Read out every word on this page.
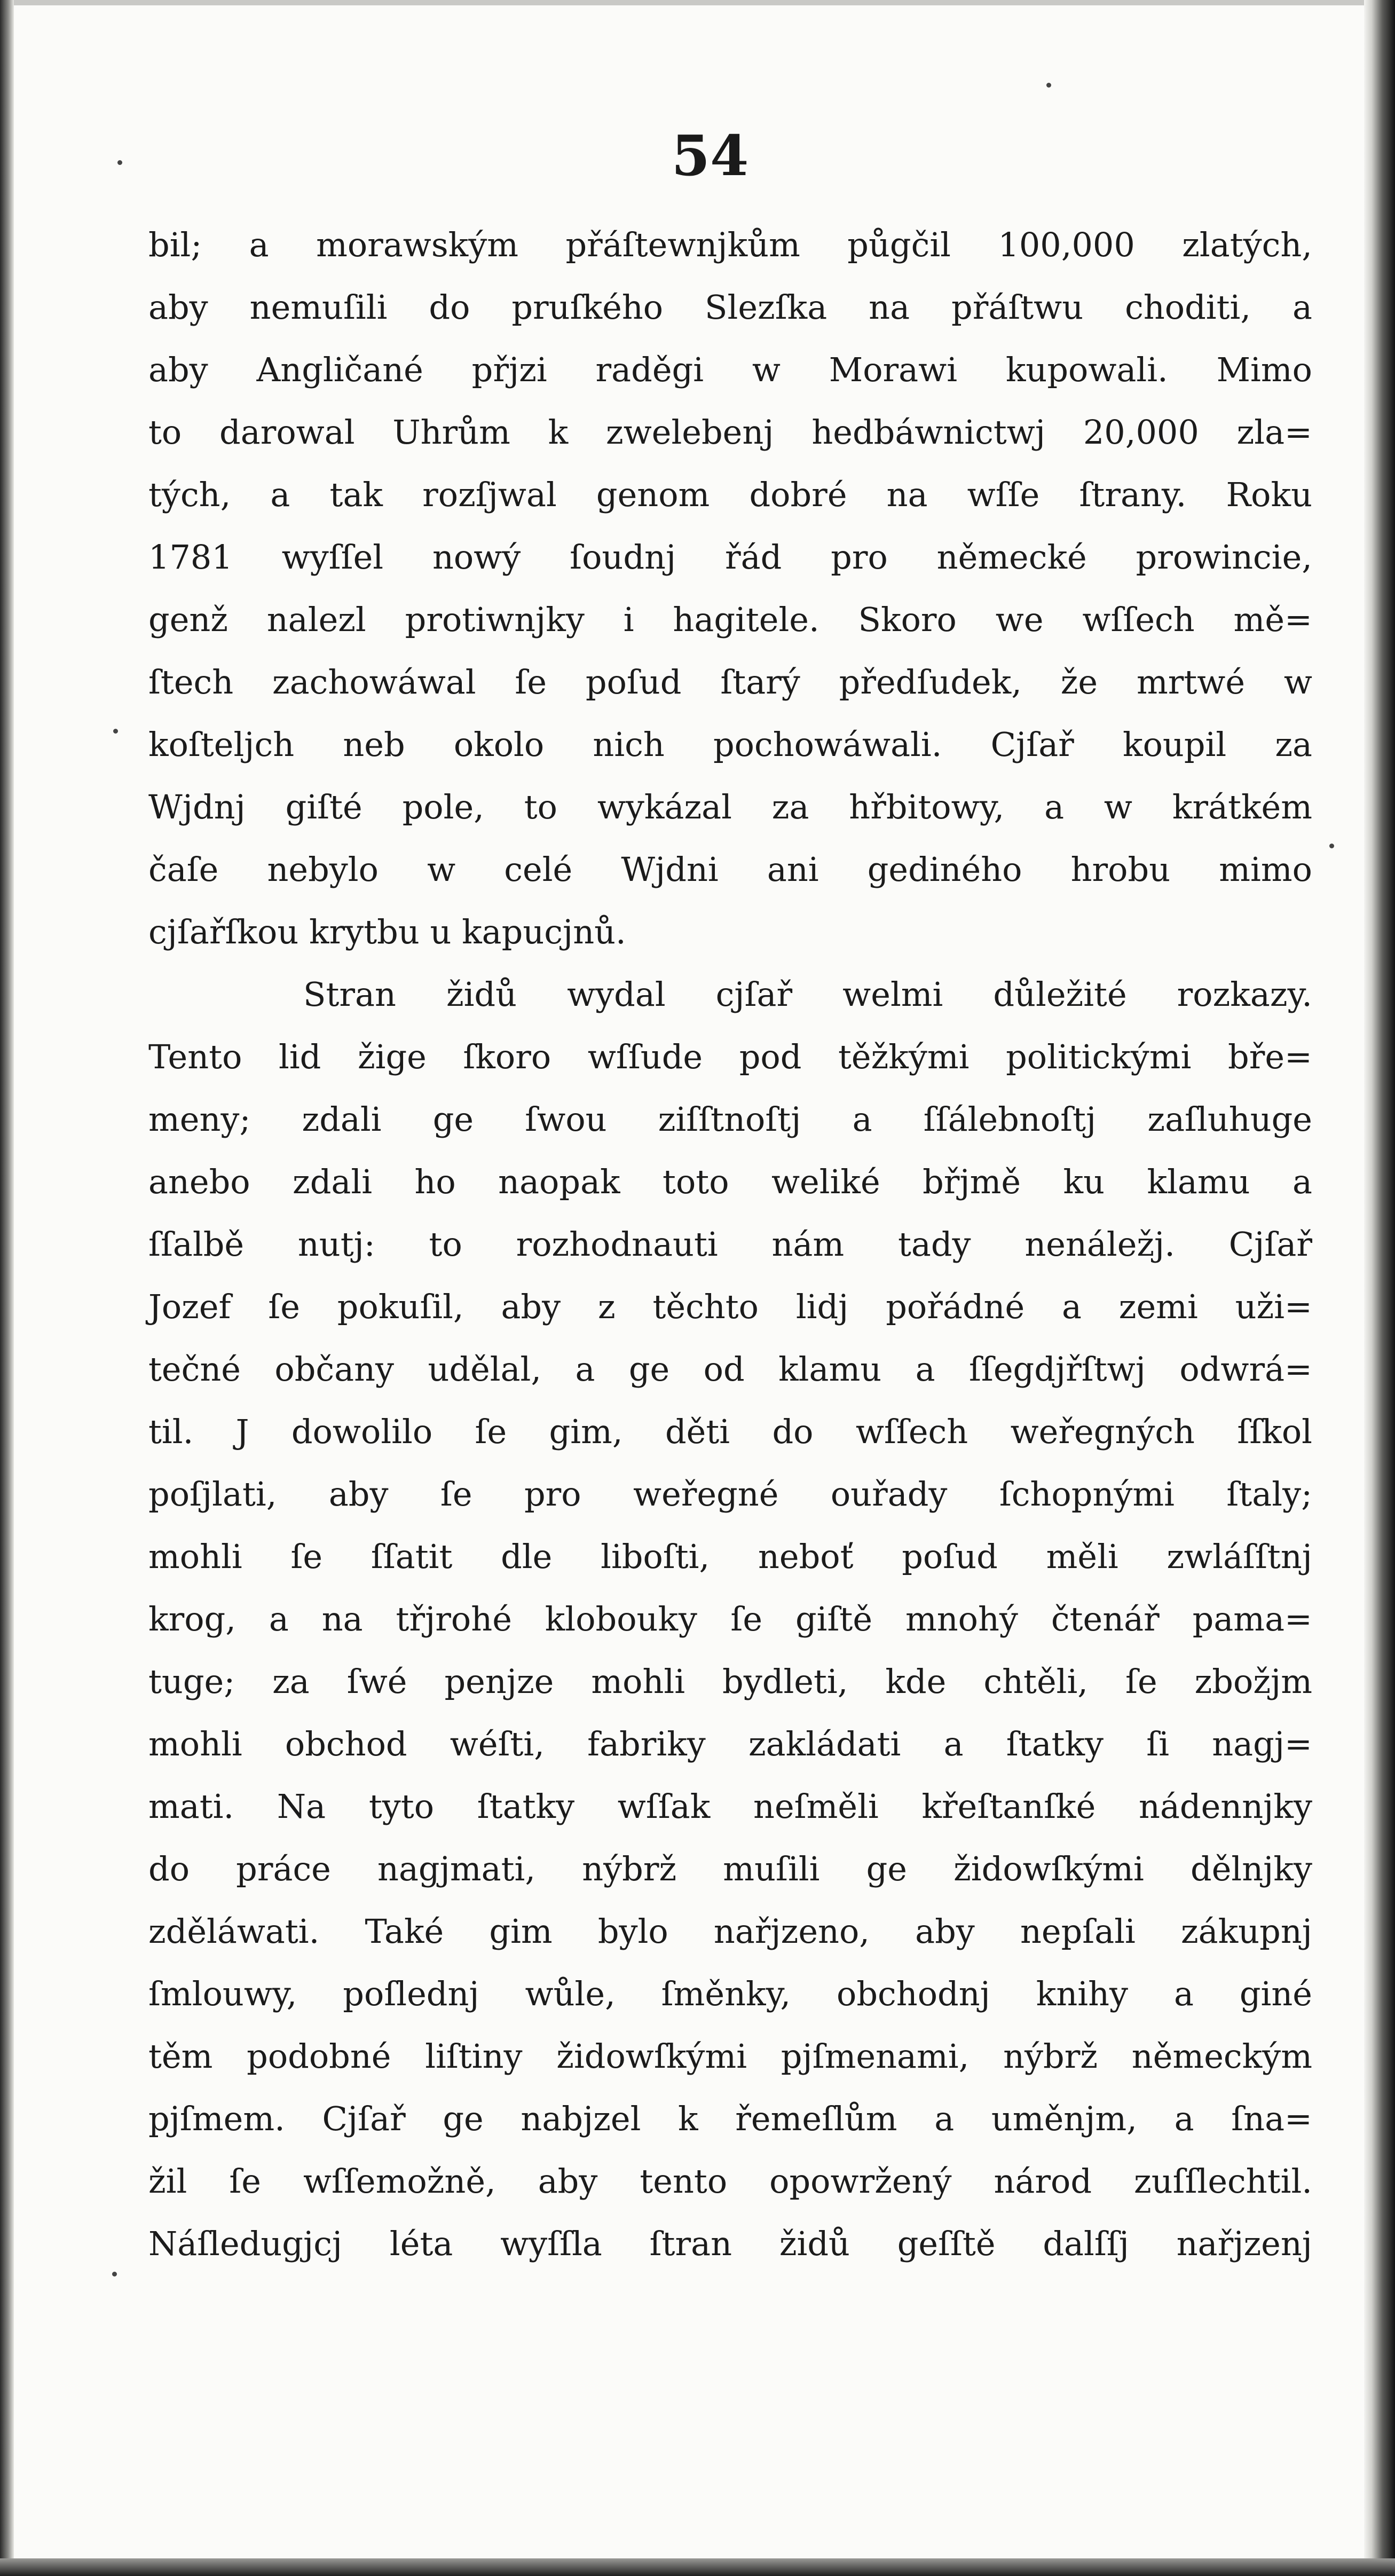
54
bil; a morawským přáſtewnjkům půgčil 100,000 zlatých,
aby nemuſili do pruſkého Slezſka na přáſtwu choditi, a
aby Angličané přjzi raděgi w Morawi kupowali. Mimo
to darowal Uhrům k zwelebenj hedbáwnictwj 20,000 zla=
tých, a tak rozſjwal genom dobré na wſſe ſtrany. Roku
1781 wyſſel nowý ſoudnj řád pro německé prowincie,
genž nalezl protiwnjky i hagitele. Skoro we wſſech mě=
ſtech zachowáwal ſe poſud ſtarý předſudek, že mrtwé w
koſteljch neb okolo nich pochowáwali. Cjſař koupil za
Wjdnj giſté pole, to wykázal za hřbitowy, a w krátkém
čaſe nebylo w celé Wjdni ani gediného hrobu mimo
cjſařſkou krytbu u kapucjnů.
Stran židů wydal cjſař welmi důležité rozkazy.
Tento lid žige ſkoro wſſude pod těžkými politickými bře=
meny; zdali ge ſwou ziſſtnoſtj a ſſálebnoſtj zaſluhuge
anebo zdali ho naopak toto weliké břjmě ku klamu a
ſſalbě nutj: to rozhodnauti nám tady nenáležj. Cjſař
Jozef ſe pokuſil, aby z těchto lidj pořádné a zemi uži=
tečné občany udělal, a ge od klamu a ſſegdjřſtwj odwrá=
til. J dowolilo ſe gim, děti do wſſech weřegných ſſkol
poſjlati, aby ſe pro weřegné ouřady ſchopnými ſtaly;
mohli ſe ſſatit dle liboſti, neboť poſud měli zwláſſtnj
krog, a na třjrohé kloboukу ſe giſtě mnohý čtenář pama=
tuge; za ſwé penjze mohli bydleti, kde chtěli, ſe zbožjm
mohli obchod wéſti, fabriky zakládati a ſtatky ſi nagj=
mati. Na tyto ſtatky wſſak neſměli křeſtanſké nádennjky
do práce nagjmati, nýbrž muſili ge židowſkými dělnjky
zděláwati. Také gim bylo nařjzeno, aby nepſali zákupnj
ſmlouwy, poſlednj wůle, ſměnky, obchodnj knihy a giné
těm podobné liſtiny židowſkými pjſmenami, nýbrž německým
pjſmem. Cjſař ge nabjzel k řemeſlům a uměnjm, a ſna=
žil ſe wſſemožně, aby tento opowržený národ zuſſlechtil.
Náſledugjcj léta wyſſla ſtran židů geſſtě dalſſj nařjzenj
